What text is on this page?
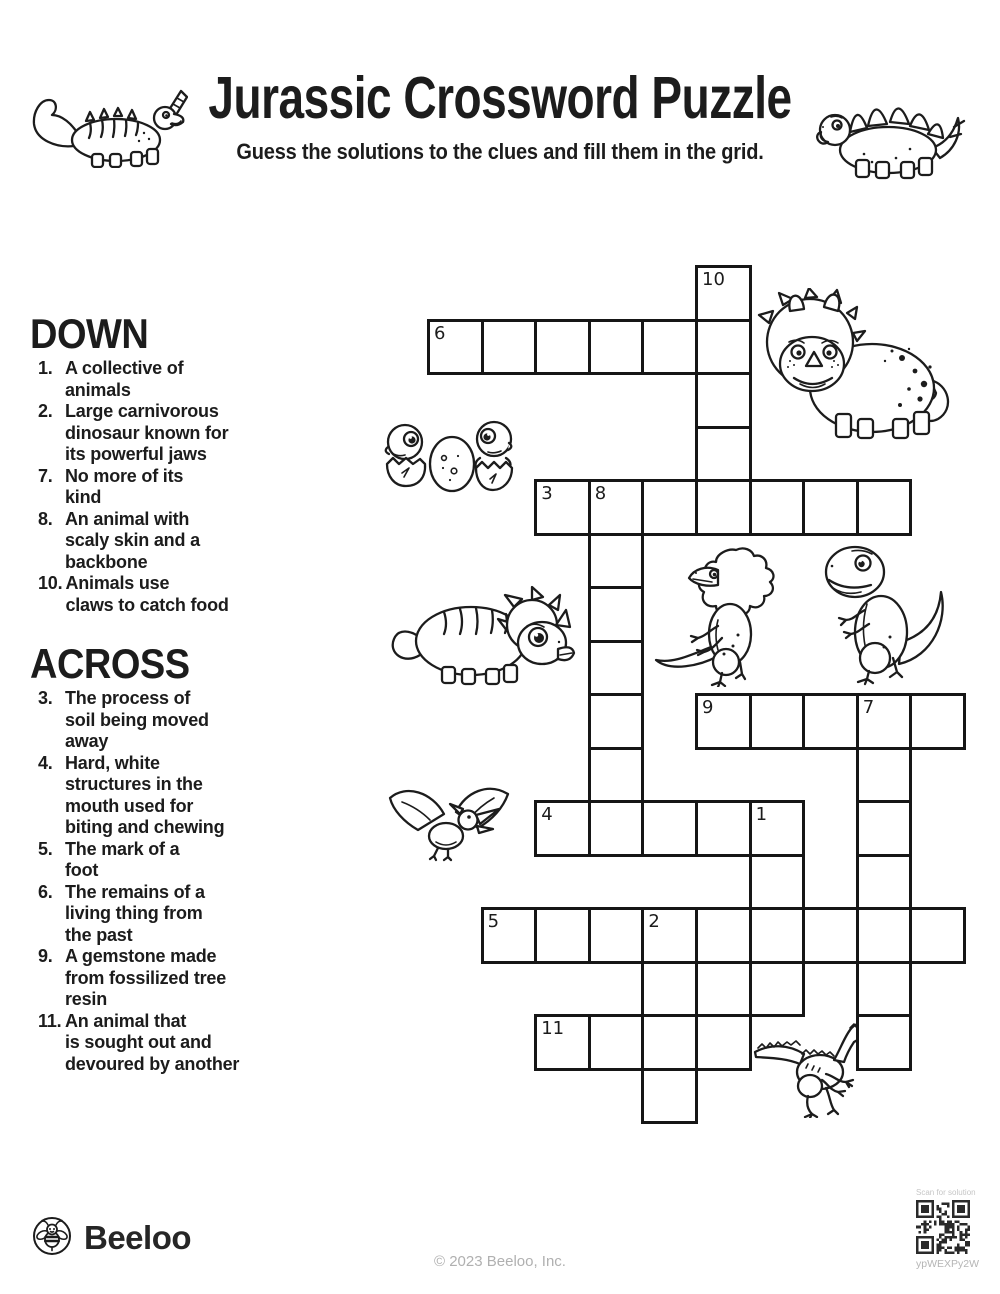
Jurassic Crossword Puzzle
Guess the solutions to the clues and fill them in the grid.
DOWN
1. A collective of
animals
2. Large carnivorous
dinosaur known for
its powerful jaws
7. No more of its
kind
8. An animal with
scaly skin and a
backbone
10. Animals use
claws to catch food
ACROSS
3. The process of
soil being moved
away
4. Hard, white
structures in the
mouth used for
biting and chewing
5. The mark of a
foot
6. The remains of a
living thing from
the past
9. A gemstone made
from fossilized tree
resin
11. An animal that
is sought out and
devoured by another
10
6
3 8
9	7
4	1
5	2
11
Beeloo
© 2023 Beeloo, Inc.
Scan for solution
ypWEXPy2W
